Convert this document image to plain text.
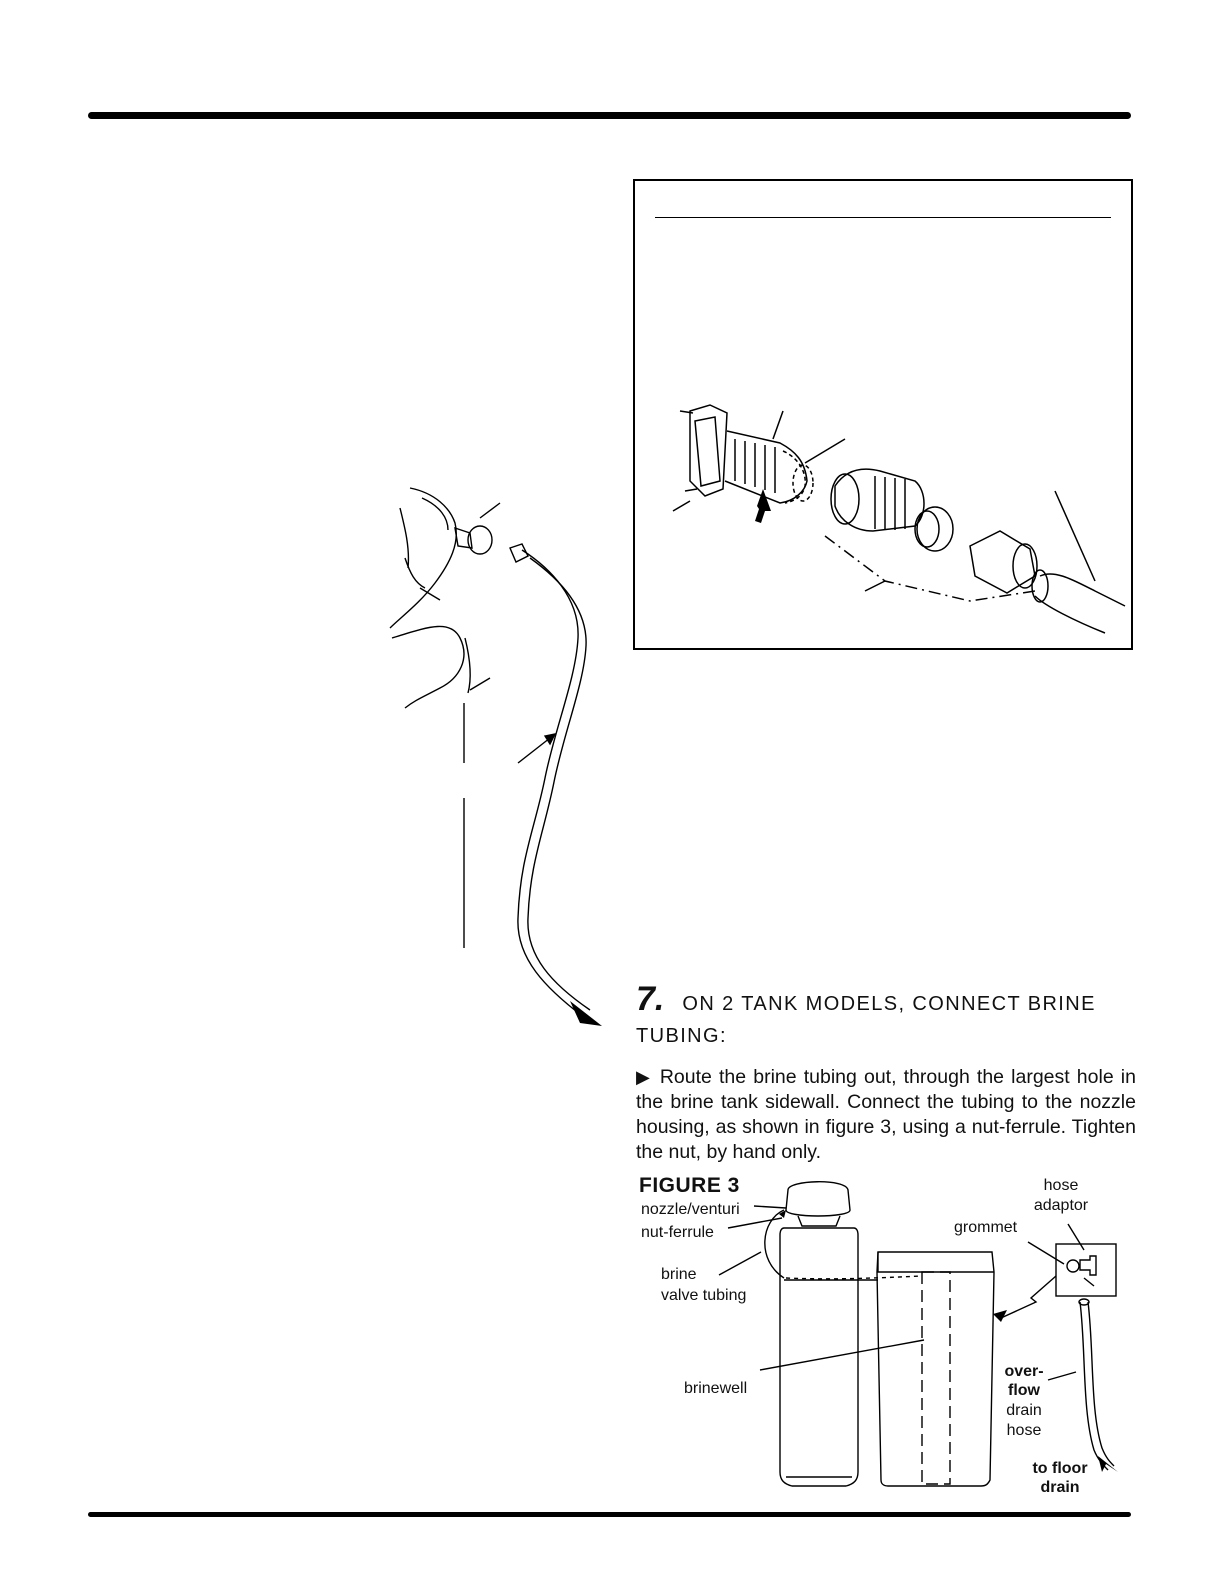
7. ON 2 TANK MODELS, CONNECT BRINE TUBING:
▶ Route the brine tubing out, through the largest hole in the brine tank sidewall. Connect the tubing to the nozzle housing, as shown in figure 3, using a nut-ferrule. Tighten the nut, by hand only.
FIGURE 3
nozzle/venturi
nut-ferrule
brine
valve tubing
brinewell
grommet
hose
adaptor
over-
flow
drain
hose
to floor
drain
